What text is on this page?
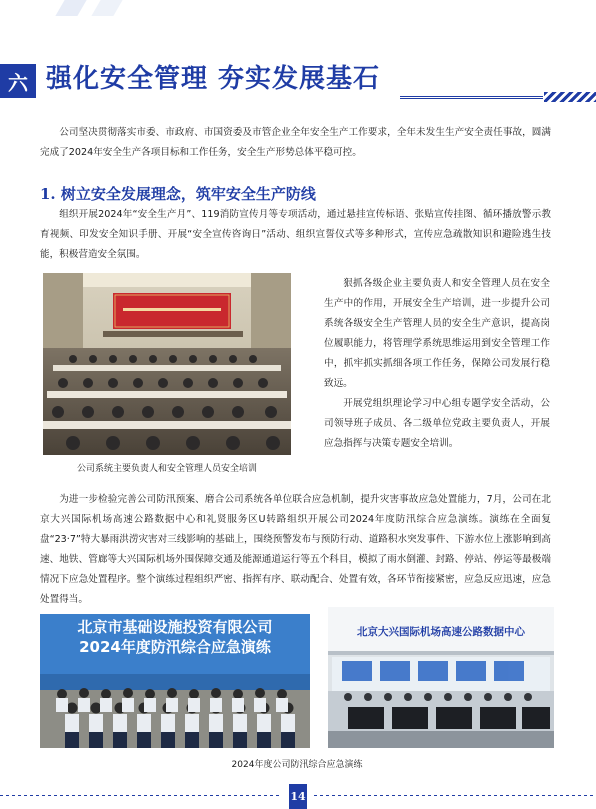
六 强化安全管理 夯实发展基石

公司坚决贯彻落实市委、市政府、市国资委及市管企业全年安全生产工作要求，全年未发生生产安全责任事故，圆满完成了2024年安全生产各项目标和工作任务，安全生产形势总体平稳可控。

1. 树立安全发展理念，筑牢安全生产防线

组织开展2024年“安全生产月”、119消防宣传月等专项活动，通过悬挂宣传标语、张贴宣传挂图、循环播放警示教育视频、印发安全知识手册、开展“安全宣传咨询日”活动、组织宣誓仪式等多种形式，宣传应急疏散知识和避险逃生技能，积极营造安全氛围。

公司系统主要负责人和安全管理人员安全培训

狠抓各级企业主要负责人和安全管理人员在安全生产中的作用，开展安全生产培训，进一步提升公司系统各级安全生产管理人员的安全生产意识，提高岗位履职能力，将管理学系统思维运用到安全管理工作中，抓牢抓实抓细各项工作任务，保障公司发展行稳致远。

开展党组织理论学习中心组专题学安全活动，公司领导班子成员、各二级单位党政主要负责人，开展应急指挥与决策专题安全培训。

为进一步检验完善公司防汛预案、磨合公司系统各单位联合应急机制，提升灾害事故应急处置能力，7月，公司在北京大兴国际机场高速公路数据中心和礼贤服务区U转路组织开展公司2024年度防汛综合应急演练。演练在全面复盘“23·7”特大暴雨洪涝灾害对三线影响的基础上，围绕预警发布与预防行动、道路积水突发事件、下游水位上涨影响到高速、地铁、管廊等大兴国际机场外围保障交通及能源通道运行等五个科目，模拟了雨水倒灌、封路、停站、停运等最极端情况下应急处置程序。整个演练过程组织严密、指挥有序、联动配合、处置有效，各环节衔接紧密，应急反应迅速，应急处置得当。

北京市基础设施投资有限公司
2024年度防汛综合应急演练
北京大兴国际机场高速公路数据中心
2024年度公司防汛综合应急演练
14
